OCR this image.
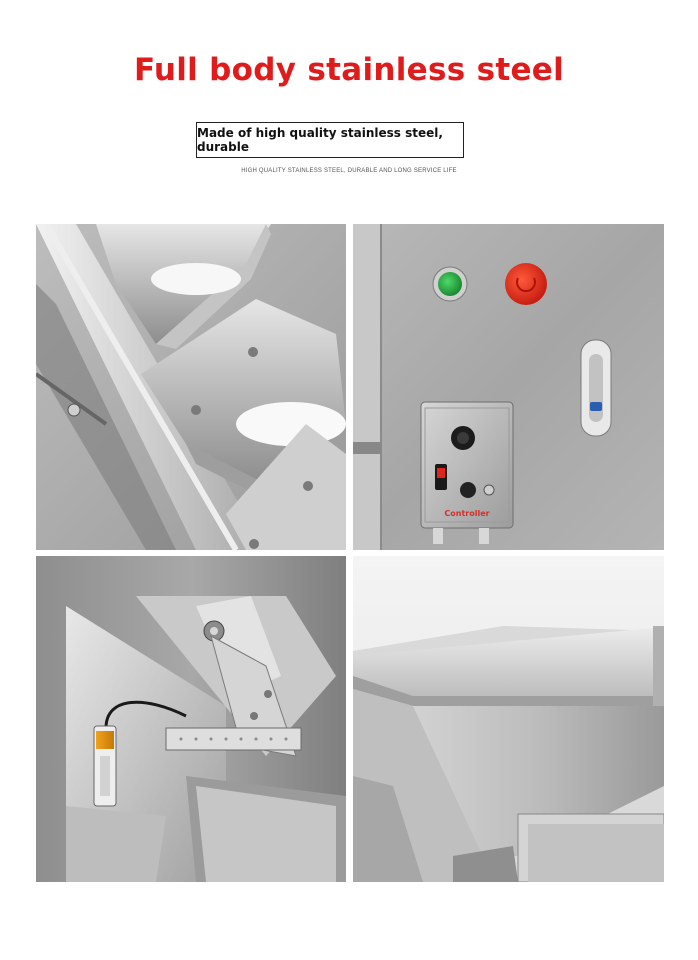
Full body stainless steel
Made of high quality stainless steel, durable
HIGH QUALITY STAINLESS STEEL, DURABLE AND LONG SERVICE LIFE
Controller
